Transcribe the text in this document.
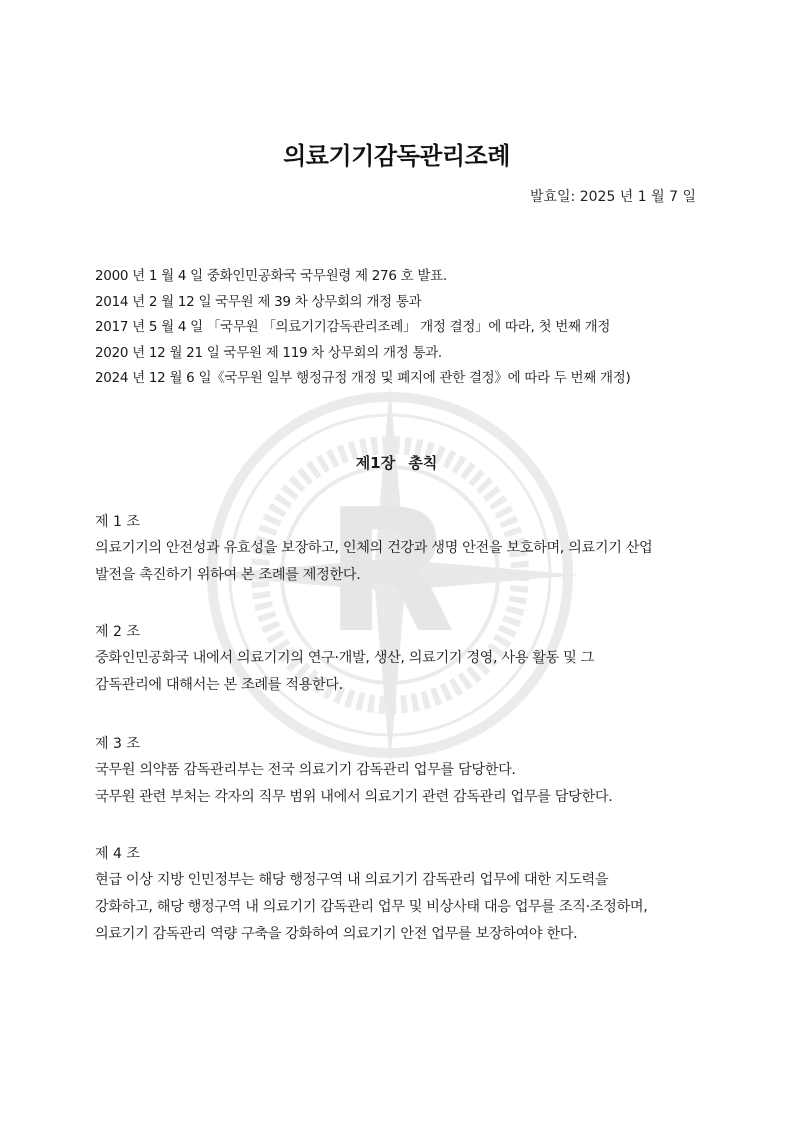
R
의료기기감독관리조례
발효일: 2025 년 1 월 7 일
2000 년 1 월 4 일 중화인민공화국 국무원령 제 276 호 발표.
2014 년 2 월 12 일 국무원 제 39 차 상무회의 개정 통과
2017 년 5 월 4 일 「국무원 「의료기기감독관리조례」 개정 결정」에 따라, 첫 번째 개정
2020 년 12 월 21 일 국무원 제 119 차 상무회의 개정 통과.
2024 년 12 월 6 일《국무원 일부 행정규정 개정 및 폐지에 관한 결정》에 따라 두 번째 개정)
제1장 총칙

제 1 조

의료기기의 안전성과 유효성을 보장하고, 인체의 건강과 생명 안전을 보호하며, 의료기기 산업
발전을 촉진하기 위하여 본 조례를 제정한다.

제 2 조

중화인민공화국 내에서 의료기기의 연구·개발, 생산, 의료기기 경영, 사용 활동 및 그
감독관리에 대해서는 본 조례를 적용한다.

제 3 조

국무원 의약품 감독관리부는 전국 의료기기 감독관리 업무를 담당한다.
국무원 관련 부처는 각자의 직무 범위 내에서 의료기기 관련 감독관리 업무를 담당한다.

제 4 조

현급 이상 지방 인민정부는 해당 행정구역 내 의료기기 감독관리 업무에 대한 지도력을
강화하고, 해당 행정구역 내 의료기기 감독관리 업무 및 비상사태 대응 업무를 조직·조정하며,
의료기기 감독관리 역량 구축을 강화하여 의료기기 안전 업무를 보장하여야 한다.
